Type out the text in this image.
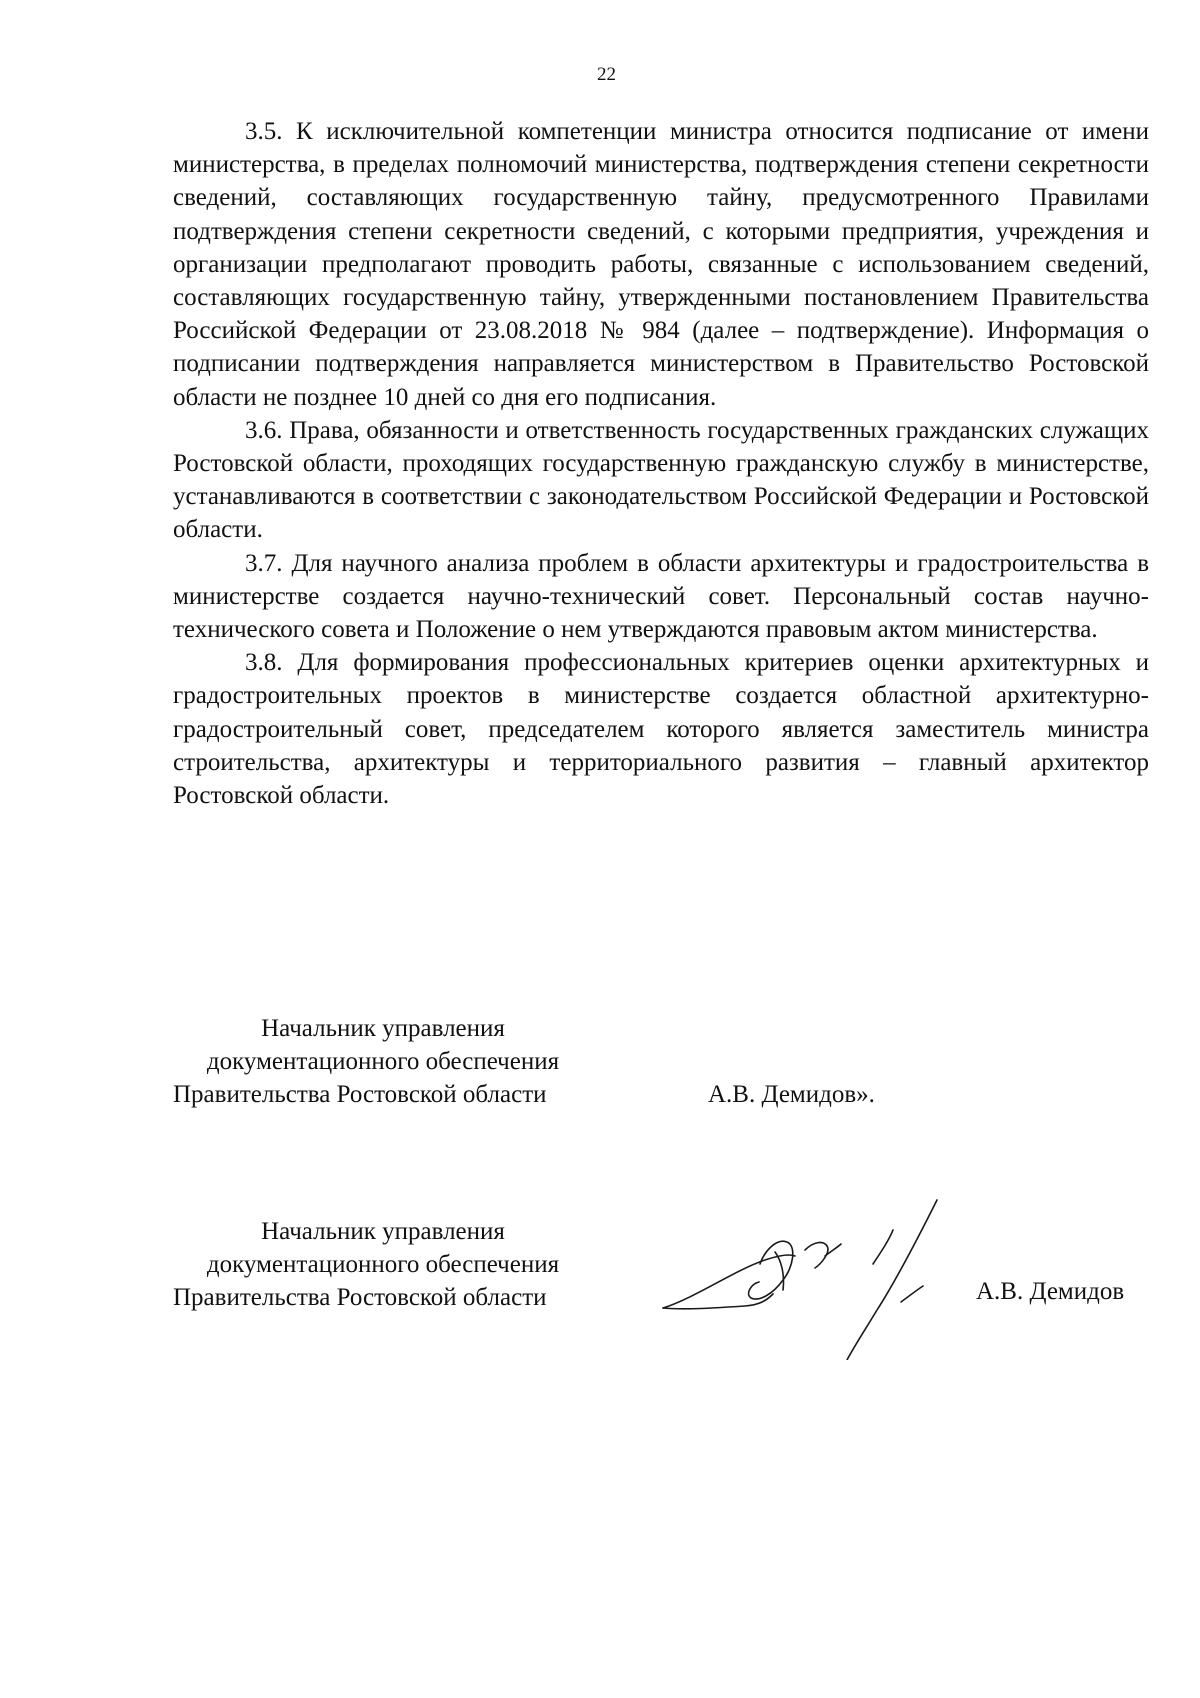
22

3.5. К исключительной компетенции министра относится подписание от имени министерства, в пределах полномочий министерства, подтверждения степени секретности сведений, составляющих государственную тайну, предусмотренного Правилами подтверждения степени секретности сведений, с которыми предприятия, учреждения и организации предполагают проводить работы, связанные с использованием сведений, составляющих государственную тайну, утвержденными постановлением Правительства Российской Федерации от 23.08.2018 № 984 (далее – подтверждение). Информация о подписании подтверждения направляется министерством в Правительство Ростовской области не позднее 10 дней со дня его подписания.

3.6. Права, обязанности и ответственность государственных гражданских служащих Ростовской области, проходящих государственную гражданскую службу в министерстве, устанавливаются в соответствии с законодательством Российской Федерации и Ростовской области.

3.7. Для научного анализа проблем в области архитектуры и градостроительства в министерстве создается научно-технический совет. Персональный состав научно-технического совета и Положение о нем утверждаются правовым актом министерства.

3.8. Для формирования профессиональных критериев оценки архитектурных и градостроительных проектов в министерстве создается областной архитектурно-градостроительный совет, председателем которого является заместитель министра строительства, архитектуры и территориального развития – главный архитектор Ростовской области.

Начальник управления
документационного обеспечения
Правительства Ростовской области	А.В. Демидов».
Начальник управления
документационного обеспечения
Правительства Ростовской области	А.В. Демидов
